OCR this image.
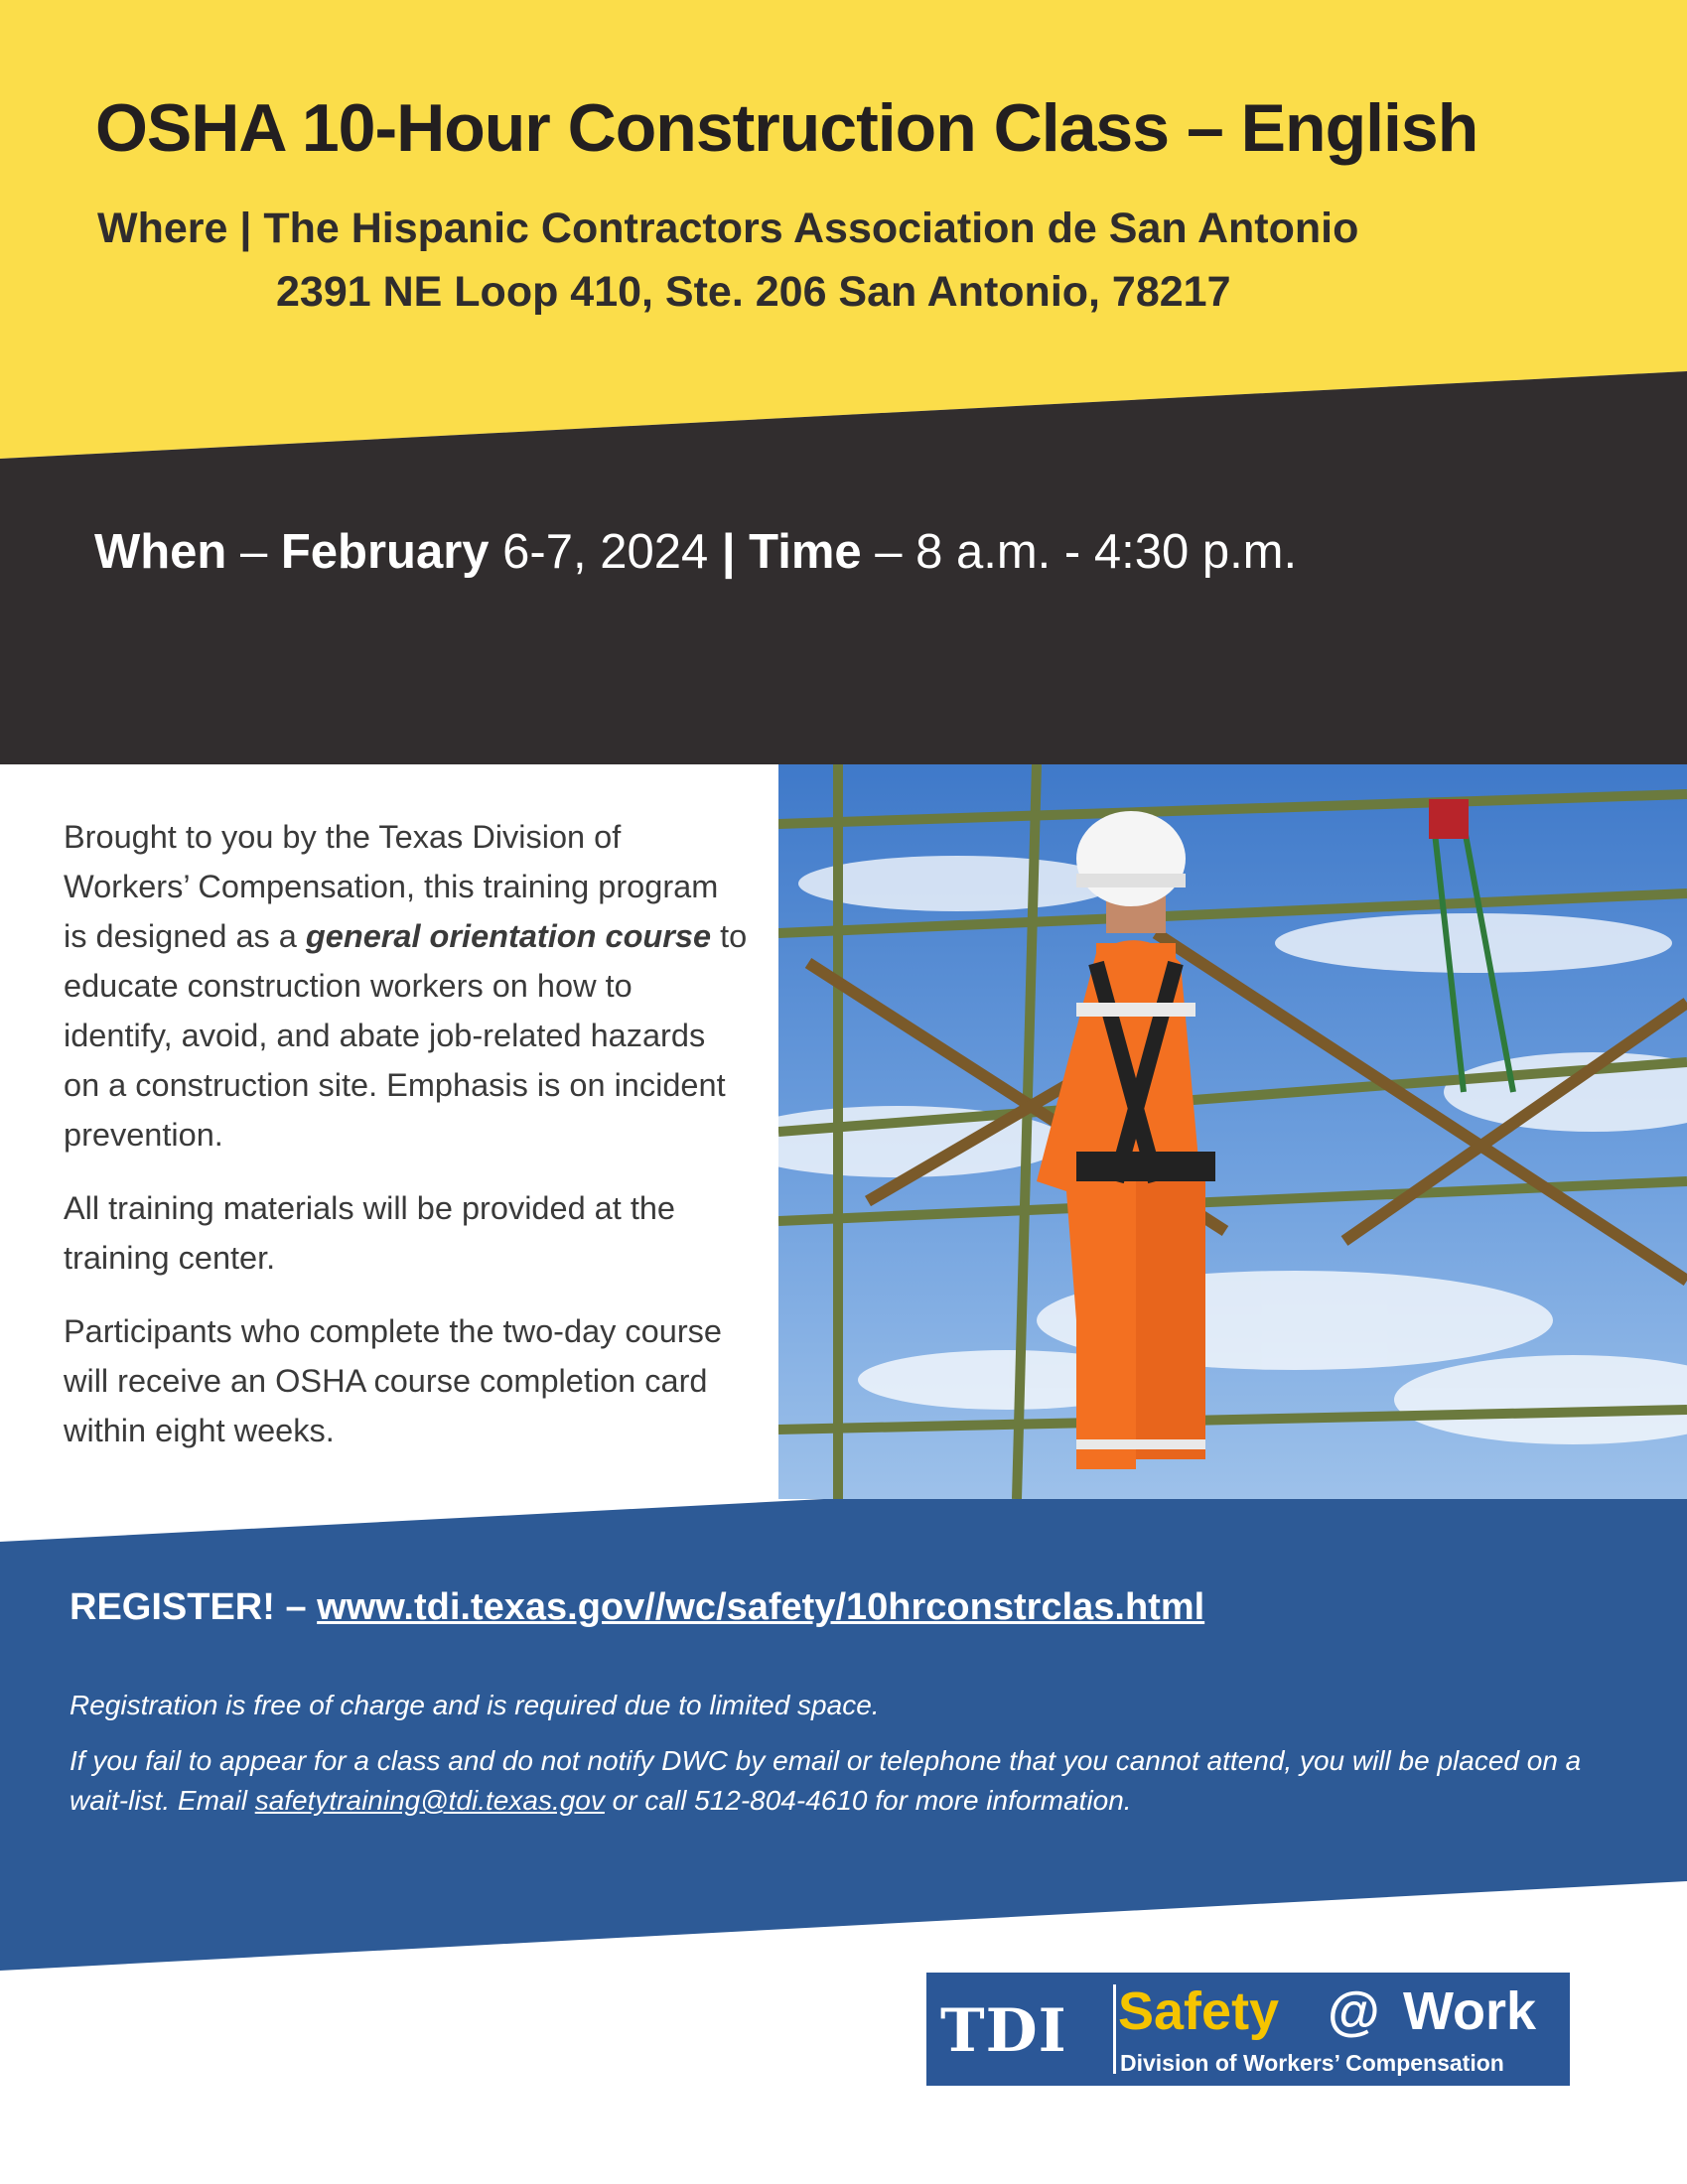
OSHA 10-Hour Construction Class – English
Where | The Hispanic Contractors Association de San Antonio
2391 NE Loop 410, Ste. 206 San Antonio, 78217
When – February 6-7, 2024 | Time – 8 a.m. - 4:30 p.m.

Brought to you by the Texas Division of Workers’ Compensation, this training program is designed as a general orientation course to educate construction workers on how to identify, avoid, and abate job-related hazards on a construction site. Emphasis is on incident prevention.

All training materials will be provided at the training center.

Participants who complete the two-day course will receive an OSHA course completion card within eight weeks.

REGISTER! – www.tdi.texas.gov//wc/safety/10hrconstrclas.html
Registration is free of charge and is required due to limited space.
If you fail to appear for a class and do not notify DWC by email or telephone that you cannot attend, you will be placed on a wait-list. Email safetytraining@tdi.texas.gov or call 512-804-4610 for more information.
TDI Safety @ Work
Division of Workers’ Compensation
